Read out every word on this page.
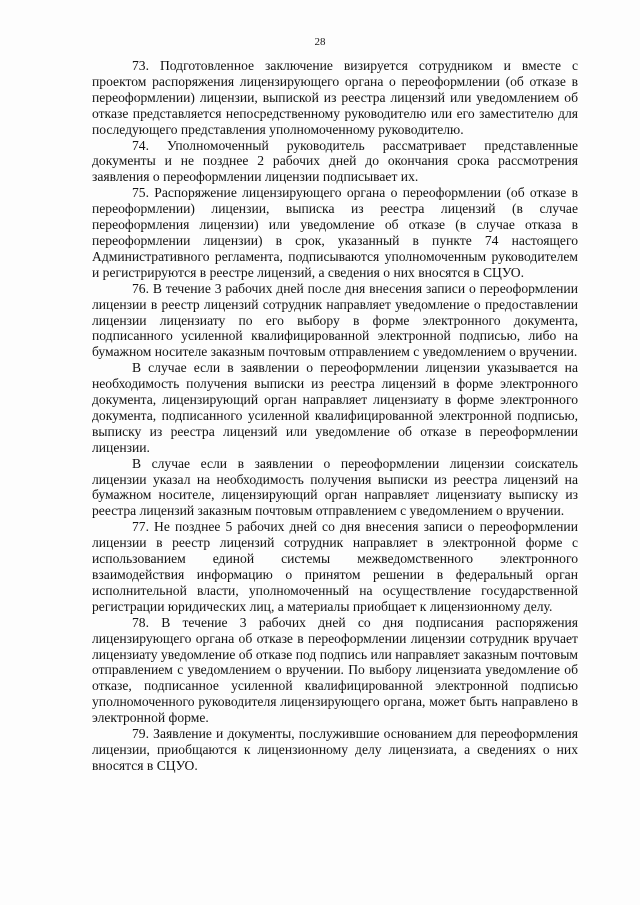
28

73. Подготовленное заключение визируется сотрудником и вместе с проектом распоряжения лицензирующего органа о переоформлении (об отказе в переоформлении) лицензии, выпиской из реестра лицензий или уведомлением об отказе представляется непосредственному руководителю или его заместителю для последующего представления уполномоченному руководителю.

74. Уполномоченный руководитель рассматривает представленные документы и не позднее 2 рабочих дней до окончания срока рассмотрения заявления о переоформлении лицензии подписывает их.

75. Распоряжение лицензирующего органа о переоформлении (об отказе в переоформлении) лицензии, выписка из реестра лицензий (в случае переоформления лицензии) или уведомление об отказе (в случае отказа в переоформлении лицензии) в срок, указанный в пункте 74 настоящего Административного регламента, подписываются уполномоченным руководителем и регистрируются в реестре лицензий, а сведения о них вносятся в СЦУО.

76. В течение 3 рабочих дней после дня внесения записи о переоформлении лицензии в реестр лицензий сотрудник направляет уведомление о предоставлении лицензии лицензиату по его выбору в форме электронного документа, подписанного усиленной квалифицированной электронной подписью, либо на бумажном носителе заказным почтовым отправлением с уведомлением о вручении.

В случае если в заявлении о переоформлении лицензии указывается на необходимость получения выписки из реестра лицензий в форме электронного документа, лицензирующий орган направляет лицензиату в форме электронного документа, подписанного усиленной квалифицированной электронной подписью, выписку из реестра лицензий или уведомление об отказе в переоформлении лицензии.

В случае если в заявлении о переоформлении лицензии соискатель лицензии указал на необходимость получения выписки из реестра лицензий на бумажном носителе, лицензирующий орган направляет лицензиату выписку из реестра лицензий заказным почтовым отправлением с уведомлением о вручении.

77. Не позднее 5 рабочих дней со дня внесения записи о переоформлении лицензии в реестр лицензий сотрудник направляет в электронной форме с использованием единой системы межведомственного электронного взаимодействия информацию о принятом решении в федеральный орган исполнительной власти, уполномоченный на осуществление государственной регистрации юридических лиц, а материалы приобщает к лицензионному делу.

78. В течение 3 рабочих дней со дня подписания распоряжения лицензирующего органа об отказе в переоформлении лицензии сотрудник вручает лицензиату уведомление об отказе под подпись или направляет заказным почтовым отправлением с уведомлением о вручении. По выбору лицензиата уведомление об отказе, подписанное усиленной квалифицированной электронной подписью уполномоченного руководителя лицензирующего органа, может быть направлено в электронной форме.

79. Заявление и документы, послужившие основанием для переоформления лицензии, приобщаются к лицензионному делу лицензиата, а сведениях о них вносятся в СЦУО.
